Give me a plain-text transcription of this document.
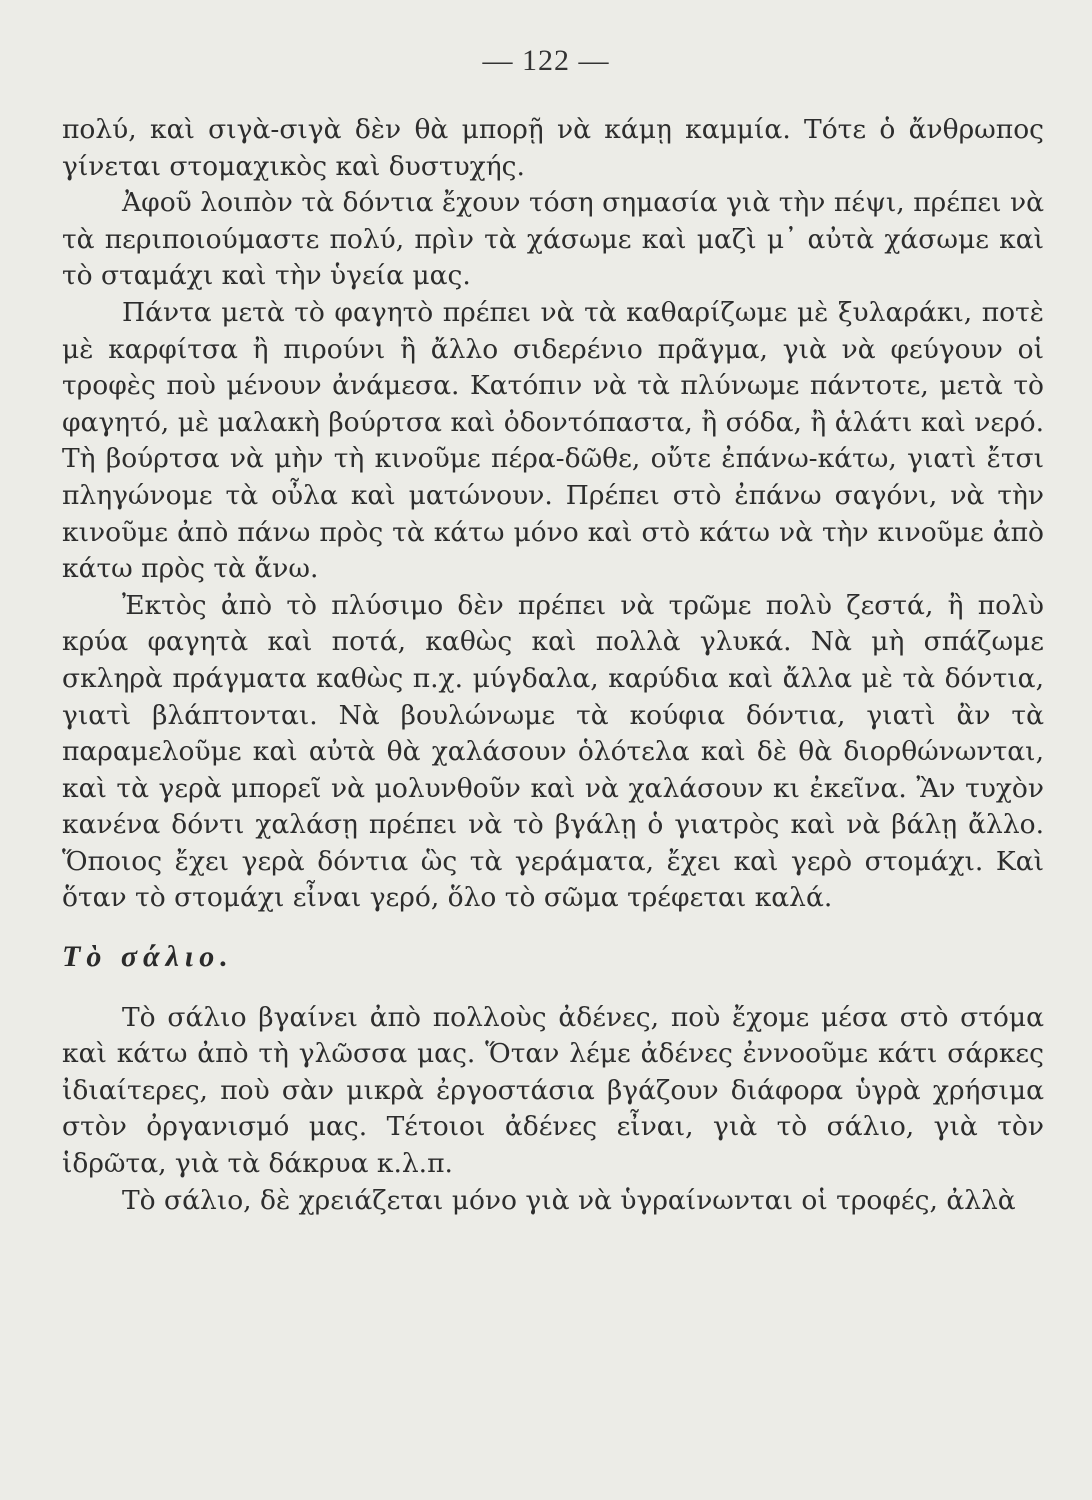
— 122 —

πολύ, καὶ σιγὰ-σιγὰ δὲν θὰ μπορῇ νὰ κάμῃ καμμία. Τότε ὁ ἄνθρωπος γίνεται στομαχικὸς καὶ δυστυχής.

Ἀφοῦ λοιπὸν τὰ δόντια ἔχουν τόση σημασία γιὰ τὴν πέψι, πρέπει νὰ τὰ περιποιούμαστε πολύ, πρὶν τὰ χάσωμε καὶ μαζὶ μ᾽ αὐτὰ χάσωμε καὶ τὸ σταμάχι καὶ τὴν ὑγεία μας.

Πάντα μετὰ τὸ φαγητὸ πρέπει νὰ τὰ καθαρίζωμε μὲ ξυλαράκι, ποτὲ μὲ καρφίτσα ἢ πιρούνι ἢ ἄλλο σιδερένιο πρᾶγμα, γιὰ νὰ φεύγουν οἱ τροφὲς ποὺ μένουν ἀνάμεσα. Κατόπιν νὰ τὰ πλύνωμε πάντοτε, μετὰ τὸ φαγητό, μὲ μαλακὴ βούρτσα καὶ ὀδοντόπαστα, ἢ σόδα, ἢ ἁλάτι καὶ νερό. Τὴ βούρτσα νὰ μὴν τὴ κινοῦμε πέρα-δῶθε, οὔτε ἐπάνω-κάτω, γιατὶ ἔτσι πληγώνομε τὰ οὖλα καὶ ματώνουν. Πρέπει στὸ ἐπάνω σαγόνι, νὰ τὴν κινοῦμε ἀπὸ πάνω πρὸς τὰ κάτω μόνο καὶ στὸ κάτω νὰ τὴν κινοῦμε ἀπὸ κάτω πρὸς τὰ ἄνω.

Ἐκτὸς ἀπὸ τὸ πλύσιμο δὲν πρέπει νὰ τρῶμε πολὺ ζεστά, ἢ πολὺ κρύα φαγητὰ καὶ ποτά, καθὼς καὶ πολλὰ γλυκά. Νὰ μὴ σπάζωμε σκληρὰ πράγματα καθὼς π.χ. μύγδαλα, καρύδια καὶ ἄλλα μὲ τὰ δόντια, γιατὶ βλάπτονται. Νὰ βουλώνωμε τὰ κούφια δόντια, γιατὶ ἂν τὰ παραμελοῦμε καὶ αὐτὰ θὰ χαλάσουν ὁλότελα καὶ δὲ θὰ διορθώνωνται, καὶ τὰ γερὰ μπορεῖ νὰ μολυνθοῦν καὶ νὰ χαλάσουν κι ἐκεῖνα. Ἂν τυχὸν κανένα δόντι χαλάσῃ πρέπει νὰ τὸ βγάλῃ ὁ γιατρὸς καὶ νὰ βάλῃ ἄλλο. Ὅποιος ἔχει γερὰ δόντια ὣς τὰ γεράματα, ἔχει καὶ γερὸ στομάχι. Καὶ ὅταν τὸ στομάχι εἶναι γερό, ὅλο τὸ σῶμα τρέφεται καλά.

Τὸ σάλιο.

Τὸ σάλιο βγαίνει ἀπὸ πολλοὺς ἀδένες, ποὺ ἔχομε μέσα στὸ στόμα καὶ κάτω ἀπὸ τὴ γλῶσσα μας. Ὅταν λέμε ἀδένες ἐννοοῦμε κάτι σάρκες ἰδιαίτερες, ποὺ σὰν μικρὰ ἐργοστάσια βγάζουν διάφορα ὑγρὰ χρήσιμα στὸν ὀργανισμό μας. Τέτοιοι ἀδένες εἶναι, γιὰ τὸ σάλιο, γιὰ τὸν ἱδρῶτα, γιὰ τὰ δάκρυα κ.λ.π.

Τὸ σάλιο, δὲ χρειάζεται μόνο γιὰ νὰ ὑγραίνωνται οἱ τροφές, ἀλλὰ
